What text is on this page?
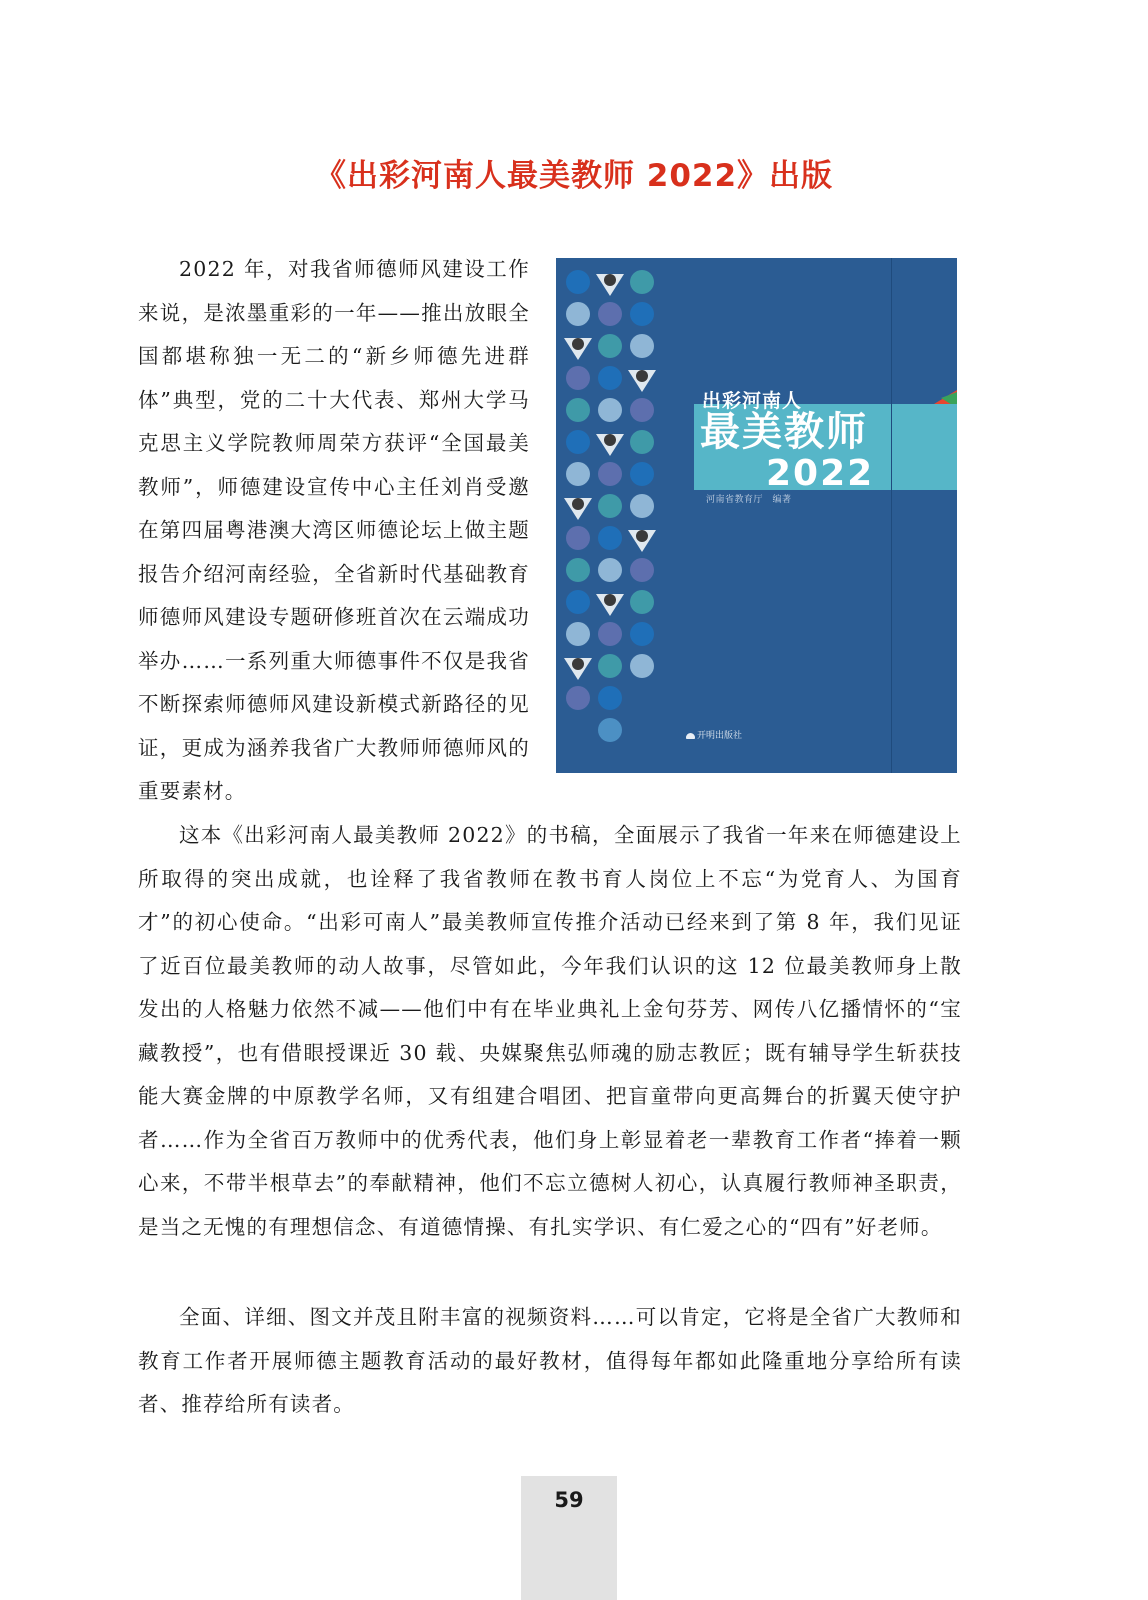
《出彩河南人最美教师 2022》出版

2022 年，对我省师德师风建设工作来说，是浓墨重彩的一年——推出放眼全国都堪称独一无二的“新乡师德先进群体”典型，党的二十大代表、郑州大学马克思主义学院教师周荣方获评“全国最美教师”，师德建设宣传中心主任刘肖受邀在第四届粤港澳大湾区师德论坛上做主题报告介绍河南经验，全省新时代基础教育师德师风建设专题研修班首次在云端成功举办……一系列重大师德事件不仅是我省不断探索师德师风建设新模式新路径的见证，更成为涵养我省广大教师师德师风的重要素材。

出彩河南人
最美教师
2022
河南省教育厅　编著
开明出版社

这本《出彩河南人最美教师 2022》的书稿，全面展示了我省一年来在师德建设上所取得的突出成就，也诠释了我省教师在教书育人岗位上不忘“为党育人、为国育才”的初心使命。“出彩可南人”最美教师宣传推介活动已经来到了第 8 年，我们见证了近百位最美教师的动人故事，尽管如此，今年我们认识的这 12 位最美教师身上散发出的人格魅力依然不减——他们中有在毕业典礼上金句芬芳、网传八亿播情怀的“宝藏教授”，也有借眼授课近 30 载、央媒聚焦弘师魂的励志教匠；既有辅导学生斩获技能大赛金牌的中原教学名师，又有组建合唱团、把盲童带向更高舞台的折翼天使守护者……作为全省百万教师中的优秀代表，他们身上彰显着老一辈教育工作者“捧着一颗心来，不带半根草去”的奉献精神，他们不忘立德树人初心，认真履行教师神圣职责，是当之无愧的有理想信念、有道德情操、有扎实学识、有仁爱之心的“四有”好老师。

全面、详细、图文并茂且附丰富的视频资料……可以肯定，它将是全省广大教师和教育工作者开展师德主题教育活动的最好教材，值得每年都如此隆重地分享给所有读者、推荐给所有读者。

59
